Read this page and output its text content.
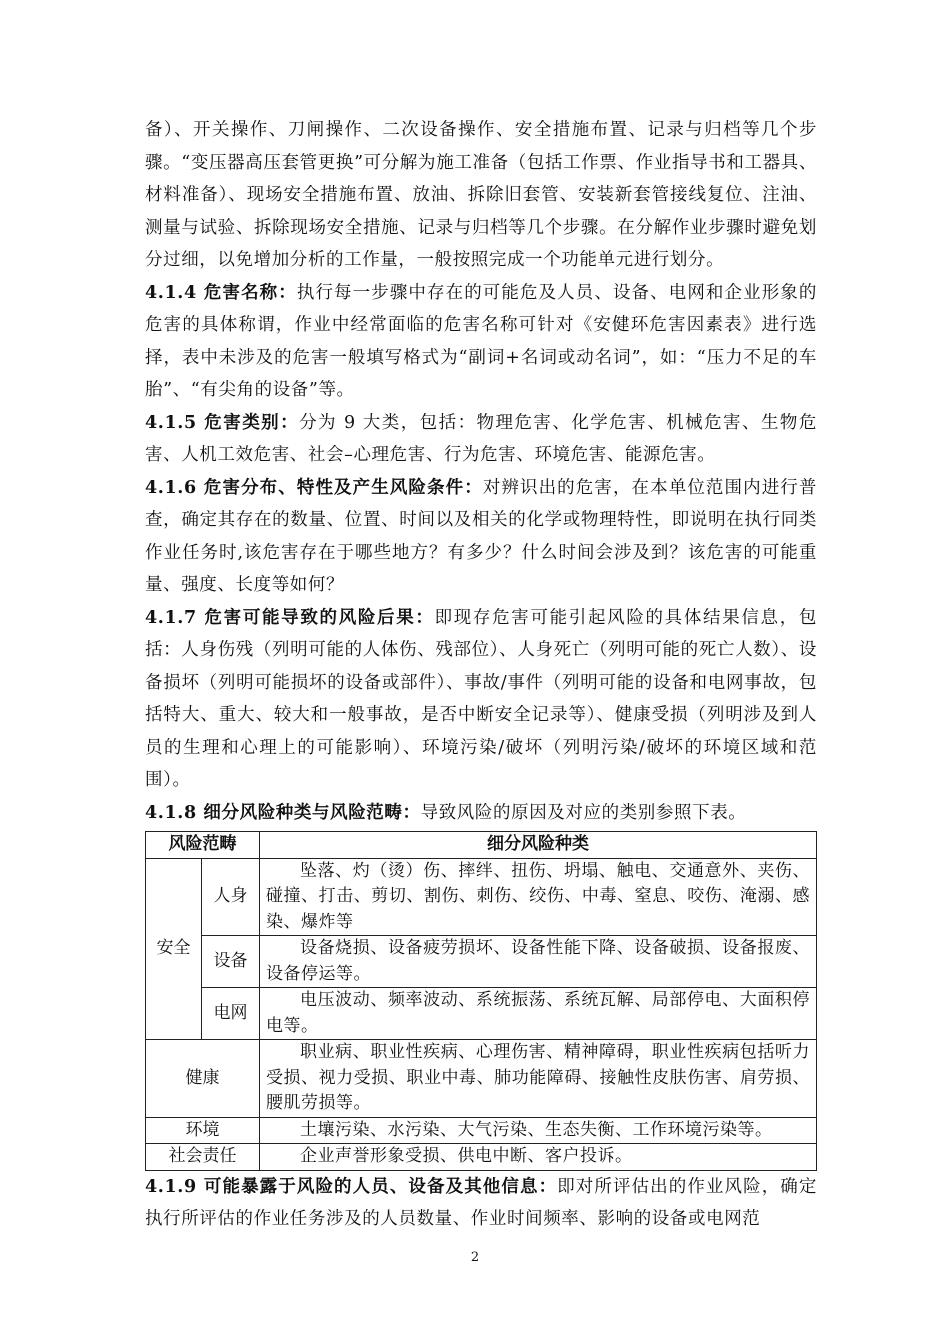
备）、开关操作、刀闸操作、二次设备操作、安全措施布置、记录与归档等几个步骤。“变压器高压套管更换”可分解为施工准备（包括工作票、作业指导书和工器具、材料准备）、现场安全措施布置、放油、拆除旧套管、安装新套管接线复位、注油、测量与试验、拆除现场安全措施、记录与归档等几个步骤。在分解作业步骤时避免划分过细，以免增加分析的工作量，一般按照完成一个功能单元进行划分。

4.1.4 危害名称：执行每一步骤中存在的可能危及人员、设备、电网和企业形象的危害的具体称谓，作业中经常面临的危害名称可针对《安健环危害因素表》进行选择，表中未涉及的危害一般填写格式为“副词+名词或动名词”，如：“压力不足的车胎”、“有尖角的设备”等。

4.1.5 危害类别：分为 9 大类，包括：物理危害、化学危害、机械危害、生物危害、人机工效危害、社会–心理危害、行为危害、环境危害、能源危害。

4.1.6 危害分布、特性及产生风险条件：对辨识出的危害，在本单位范围内进行普查，确定其存在的数量、位置、时间以及相关的化学或物理特性，即说明在执行同类作业任务时,该危害存在于哪些地方？有多少？什么时间会涉及到？该危害的可能重量、强度、长度等如何？

4.1.7 危害可能导致的风险后果：即现存危害可能引起风险的具体结果信息，包括：人身伤残（列明可能的人体伤、残部位）、人身死亡（列明可能的死亡人数）、设备损坏（列明可能损坏的设备或部件）、事故/事件（列明可能的设备和电网事故，包括特大、重大、较大和一般事故，是否中断安全记录等）、健康受损（列明涉及到人员的生理和心理上的可能影响）、环境污染/破坏（列明污染/破坏的环境区域和范围）。

4.1.8 细分风险种类与风险范畴：导致风险的原因及对应的类别参照下表。

风险范畴		细分风险种类
安全	人身	坠落、灼（烫）伤、摔绊、扭伤、坍塌、触电、交通意外、夹伤、碰撞、打击、剪切、割伤、刺伤、绞伤、中毒、窒息、咬伤、淹溺、感染、爆炸等
	设备	设备烧损、设备疲劳损坏、设备性能下降、设备破损、设备报废、设备停运等。
	电网	电压波动、频率波动、系统振荡、系统瓦解、局部停电、大面积停电等。
健康		职业病、职业性疾病、心理伤害、精神障碍，职业性疾病包括听力受损、视力受损、职业中毒、肺功能障碍、接触性皮肤伤害、肩劳损、腰肌劳损等。
环境		土壤污染、水污染、大气污染、生态失衡、工作环境污染等。
社会责任		企业声誉形象受损、供电中断、客户投诉。

4.1.9 可能暴露于风险的人员、设备及其他信息：即对所评估出的作业风险，确定执行所评估的作业任务涉及的人员数量、作业时间频率、影响的设备或电网范

2
